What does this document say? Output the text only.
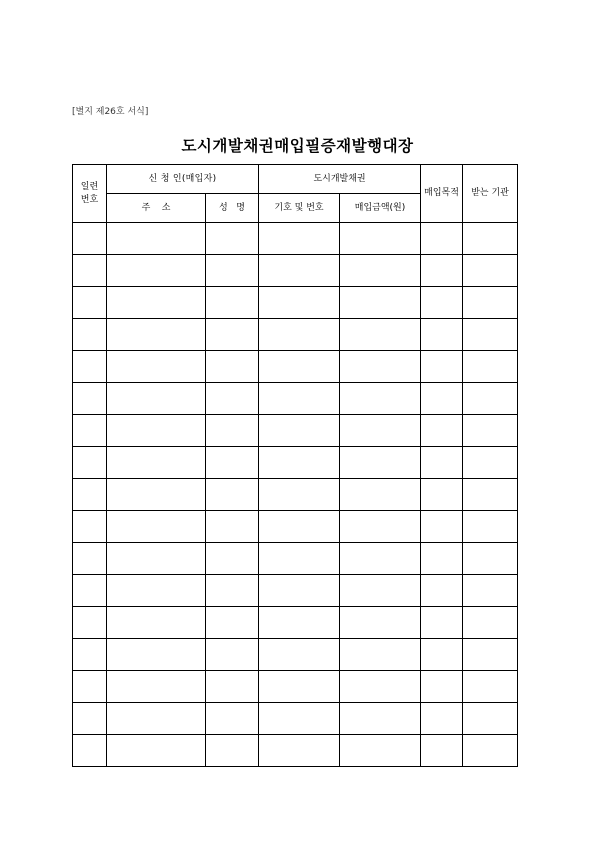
[별지 제26호 서식]
도시개발채권매입필증재발행대장
일련
번호	신 청 인(매입자)		도시개발채권		매입목적	받는 기관
	주    소	성   명	기호 및 번호	매입금액(원)		
